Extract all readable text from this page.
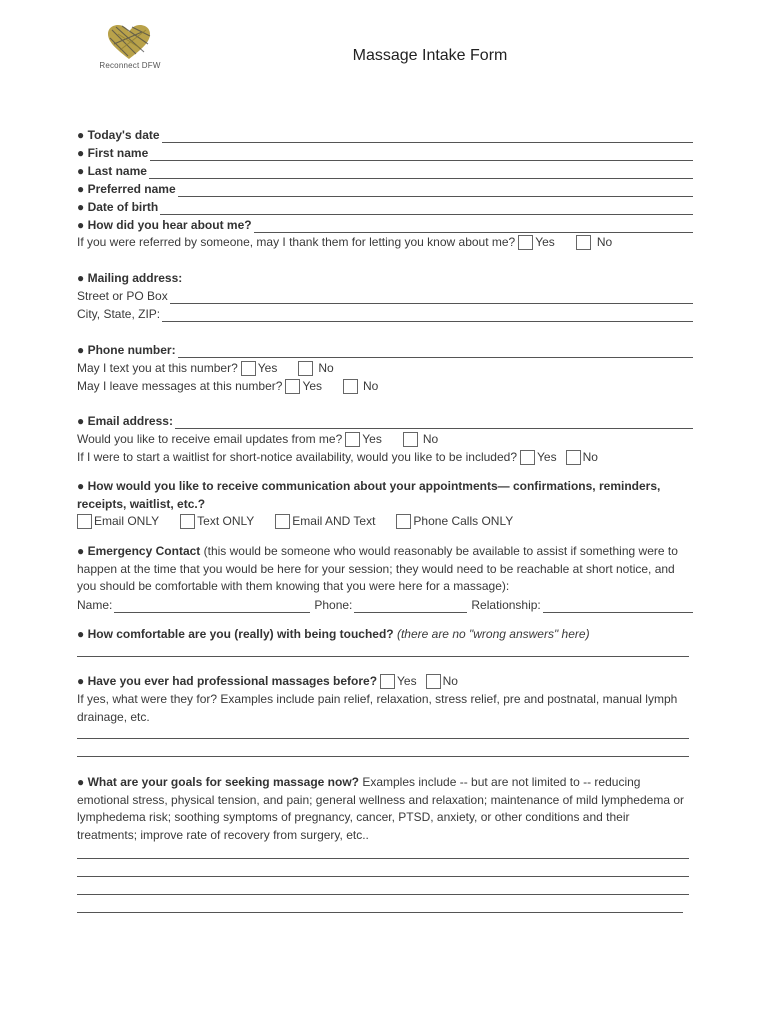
Reconnect DFW
Massage Intake Form
● Today's date
● First name
● Last name
● Preferred name
● Date of birth
● How did you hear about me?
If you were referred by someone, may I thank them for letting you know about me? Yes	No
● Mailing address:
Street or PO Box
City, State, ZIP:
● Phone number:
May I text you at this number? Yes	No
May I leave messages at this number? Yes	No
● Email address:
Would you like to receive email updates from me? Yes	No
If I were to start a waitlist for short-notice availability, would you like to be included? Yes No
● How would you like to receive communication about your appointments— confirmations, reminders, receipts, waitlist, etc.?
Email ONLY	Text ONLY	Email AND Text	Phone Calls ONLY
● Emergency Contact (this would be someone who would reasonably be available to assist if something were to happen at the time that you would be here for your session; they would need to be reachable at short notice, and you should be comfortable with them knowing that you were here for a massage):
Name:	Phone:	Relationship:
● How comfortable are you (really) with being touched? (there are no "wrong answers" here)
● Have you ever had professional massages before? Yes No
If yes, what were they for? Examples include pain relief, relaxation, stress relief, pre and postnatal, manual lymph drainage, etc.
● What are your goals for seeking massage now? Examples include -- but are not limited to -- reducing emotional stress, physical tension, and pain; general wellness and relaxation; maintenance of mild lymphedema or lymphedema risk; soothing symptoms of pregnancy, cancer, PTSD, anxiety, or other conditions and their treatments; improve rate of recovery from surgery, etc..
